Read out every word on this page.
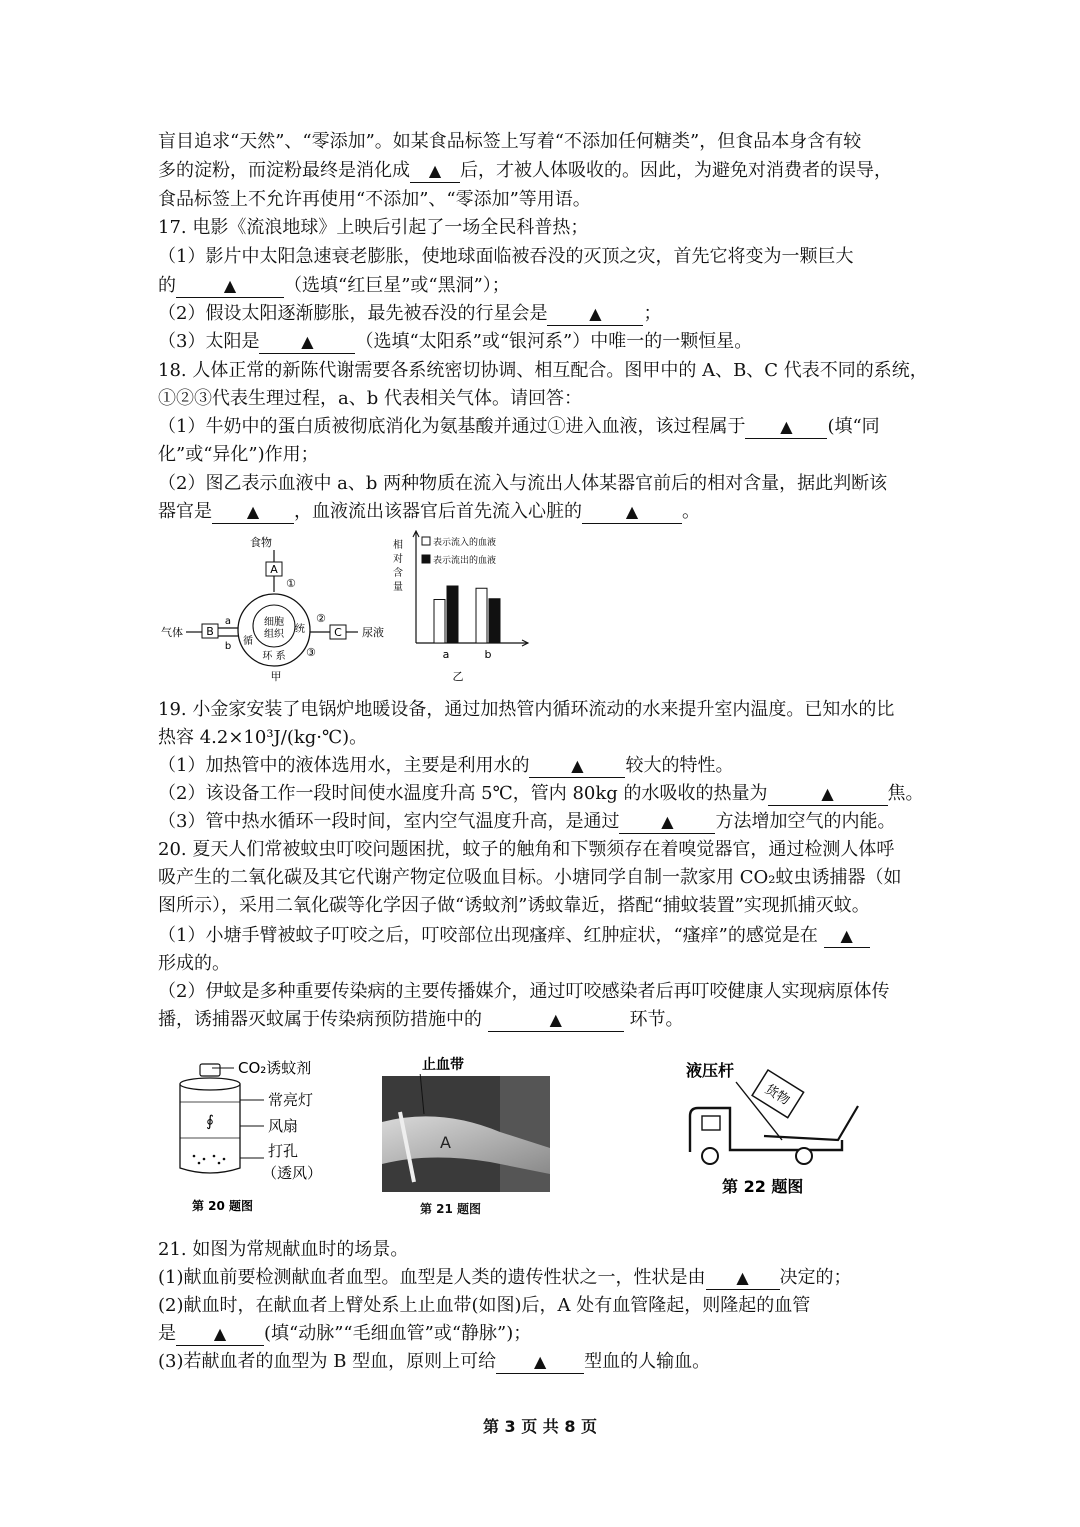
盲目追求“天然”、“零添加”。如某食品标签上写着“不添加任何糖类”，但食品本身含有较
多的淀粉，而淀粉最终是消化成 ▲ 后，才被人体吸收的。因此，为避免对消费者的误导，
食品标签上不允许再使用“不添加”、“零添加”等用语。
17. 电影《流浪地球》上映后引起了一场全民科普热；
（1）影片中太阳急速衰老膨胀，使地球面临被吞没的灭顶之灾，首先它将变为一颗巨大
的	▲	（选填“红巨星”或“黑洞”）；
（2）假设太阳逐渐膨胀，最先被吞没的行星会是	▲ ；
（3）太阳是	▲ （选填“太阳系”或“银河系”）中唯一的一颗恒星。
18. 人体正常的新陈代谢需要各系统密切协调、相互配合。图甲中的 A、B、C 代表不同的系统，
①②③代表生理过程，a、b 代表相关气体。请回答：
（1）牛奶中的蛋白质被彻底消化为氨基酸并通过①进入血液，该过程属于 ▲ (填“同
化”或“异化”)作用；
（2）图乙表示血液中 a、b 两种物质在流入与流出人体某器官前后的相对含量，据此判断该
器官是 ▲ ，血液流出该器官后首先流入心脏的	▲ 。
食物
A
①
细胞
组织
循
统
环 系
气体 B
a
b
②
③
C 尿液
甲
相
对
含
量
表示流入的血液
表示流出的血液
a	b
乙
19. 小金家安装了电锅炉地暖设备，通过加热管内循环流动的水来提升室内温度。已知水的比
热容 4.2×10³J/(kg·℃)。
（1）加热管中的液体选用水，主要是利用水的	▲ 较大的特性。
（2）该设备工作一段时间使水温度升高 5℃，管内 80kg 的水吸收的热量为	▲	焦。
（3）管中热水循环一段时间，室内空气温度升高，是通过	▲ 方法增加空气的内能。
20. 夏天人们常被蚊虫叮咬问题困扰，蚊子的触角和下颚须存在着嗅觉器官，通过检测人体呼
吸产生的二氧化碳及其它代谢产物定位吸血目标。小塘同学自制一款家用 CO₂蚊虫诱捕器（如
图所示），采用二氧化碳等化学因子做“诱蚊剂”诱蚊靠近，搭配“捕蚊装置”实现抓捕灭蚊。
（1）小塘手臂被蚊子叮咬之后，叮咬部位出现瘙痒、红肿症状，“瘙痒”的感觉是在 ▲
形成的。
（2）伊蚊是多种重要传染病的主要传播媒介，通过叮咬感染者后再叮咬健康人实现病原体传
播，诱捕器灭蚊属于传染病预防措施中的	▲	环节。
∮
CO₂诱蚊剂
常亮灯
风扇
打孔
（透风）
第 20 题图
A
止血带
第 21 题图
液压杆
货物
第 22 题图
21. 如图为常规献血时的场景。
(1)献血前要检测献血者血型。血型是人类的遗传性状之一，性状是由 ▲ 决定的；
(2)献血时，在献血者上臂处系上止血带(如图)后，A 处有血管隆起，则隆起的血管
是 ▲ (填“动脉”“毛细血管”或“静脉”)；
(3)若献血者的血型为 B 型血，原则上可给 ▲ 型血的人输血。
第 3 页 共 8 页
